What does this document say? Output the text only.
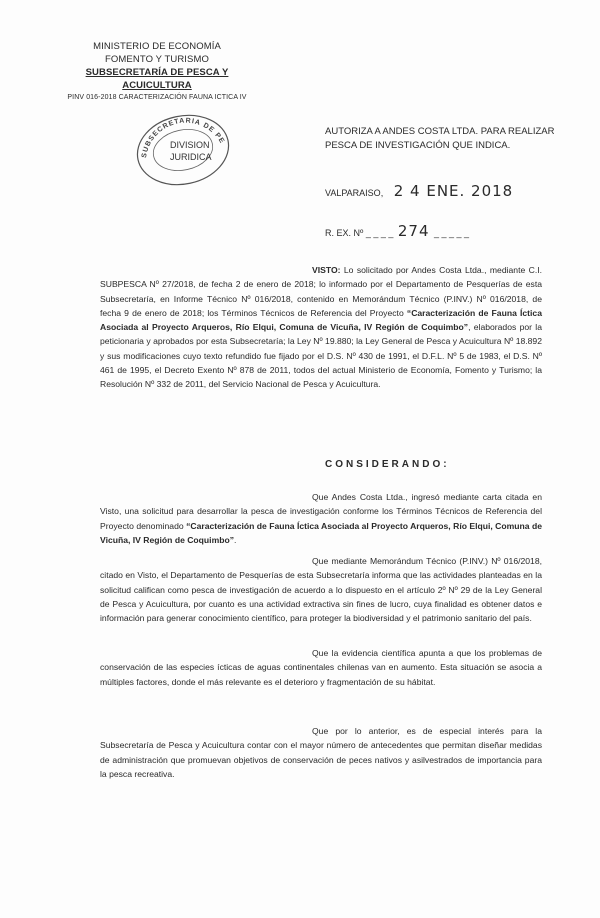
MINISTERIO DE ECONOMÍA
FOMENTO Y TURISMO
SUBSECRETARÍA DE PESCA Y ACUICULTURA
PINV 016-2018 CARACTERIZACIÓN FAUNA ICTICA IV
SUBSECRETARIA DE PE
DIVISION
JURIDICA
AUTORIZA A ANDES COSTA LTDA. PARA REALIZAR PESCA DE INVESTIGACIÓN QUE INDICA.
VALPARAISO, 2 4 ENE. 2018
R. EX. Nº _ _ _ _ 274 _ _ _ _ _
VISTO: Lo solicitado por Andes Costa Ltda., mediante C.I. SUBPESCA Nº 27/2018, de fecha 2 de enero de 2018; lo informado por el Departamento de Pesquerías de esta Subsecretaría, en Informe Técnico Nº 016/2018, contenido en Memorándum Técnico (P.INV.) Nº 016/2018, de fecha 9 de enero de 2018; los Términos Técnicos de Referencia del Proyecto “Caracterización de Fauna Íctica Asociada al Proyecto Arqueros, Río Elqui, Comuna de Vicuña, IV Región de Coquimbo”, elaborados por la peticionaria y aprobados por esta Subsecretaría; la Ley Nº 19.880; la Ley General de Pesca y Acuicultura Nº 18.892 y sus modificaciones cuyo texto refundido fue fijado por el D.S. Nº 430 de 1991, el D.F.L. Nº 5 de 1983, el D.S. Nº 461 de 1995, el Decreto Exento Nº 878 de 2011, todos del actual Ministerio de Economía, Fomento y Turismo; la Resolución Nº 332 de 2011, del Servicio Nacional de Pesca y Acuicultura.
CONSIDERANDO:
Que Andes Costa Ltda., ingresó mediante carta citada en Visto, una solicitud para desarrollar la pesca de investigación conforme los Términos Técnicos de Referencia del Proyecto denominado “Caracterización de Fauna Íctica Asociada al Proyecto Arqueros, Río Elqui, Comuna de Vicuña, IV Región de Coquimbo”.
Que mediante Memorándum Técnico (P.INV.) Nº 016/2018, citado en Visto, el Departamento de Pesquerías de esta Subsecretaría informa que las actividades planteadas en la solicitud califican como pesca de investigación de acuerdo a lo dispuesto en el artículo 2º Nº 29 de la Ley General de Pesca y Acuicultura, por cuanto es una actividad extractiva sin fines de lucro, cuya finalidad es obtener datos e información para generar conocimiento científico, para proteger la biodiversidad y el patrimonio sanitario del país.
Que la evidencia científica apunta a que los problemas de conservación de las especies ícticas de aguas continentales chilenas van en aumento. Esta situación se asocia a múltiples factores, donde el más relevante es el deterioro y fragmentación de su hábitat.
Que por lo anterior, es de especial interés para la Subsecretaría de Pesca y Acuicultura contar con el mayor número de antecedentes que permitan diseñar medidas de administración que promuevan objetivos de conservación de peces nativos y asilvestrados de importancia para la pesca recreativa.
